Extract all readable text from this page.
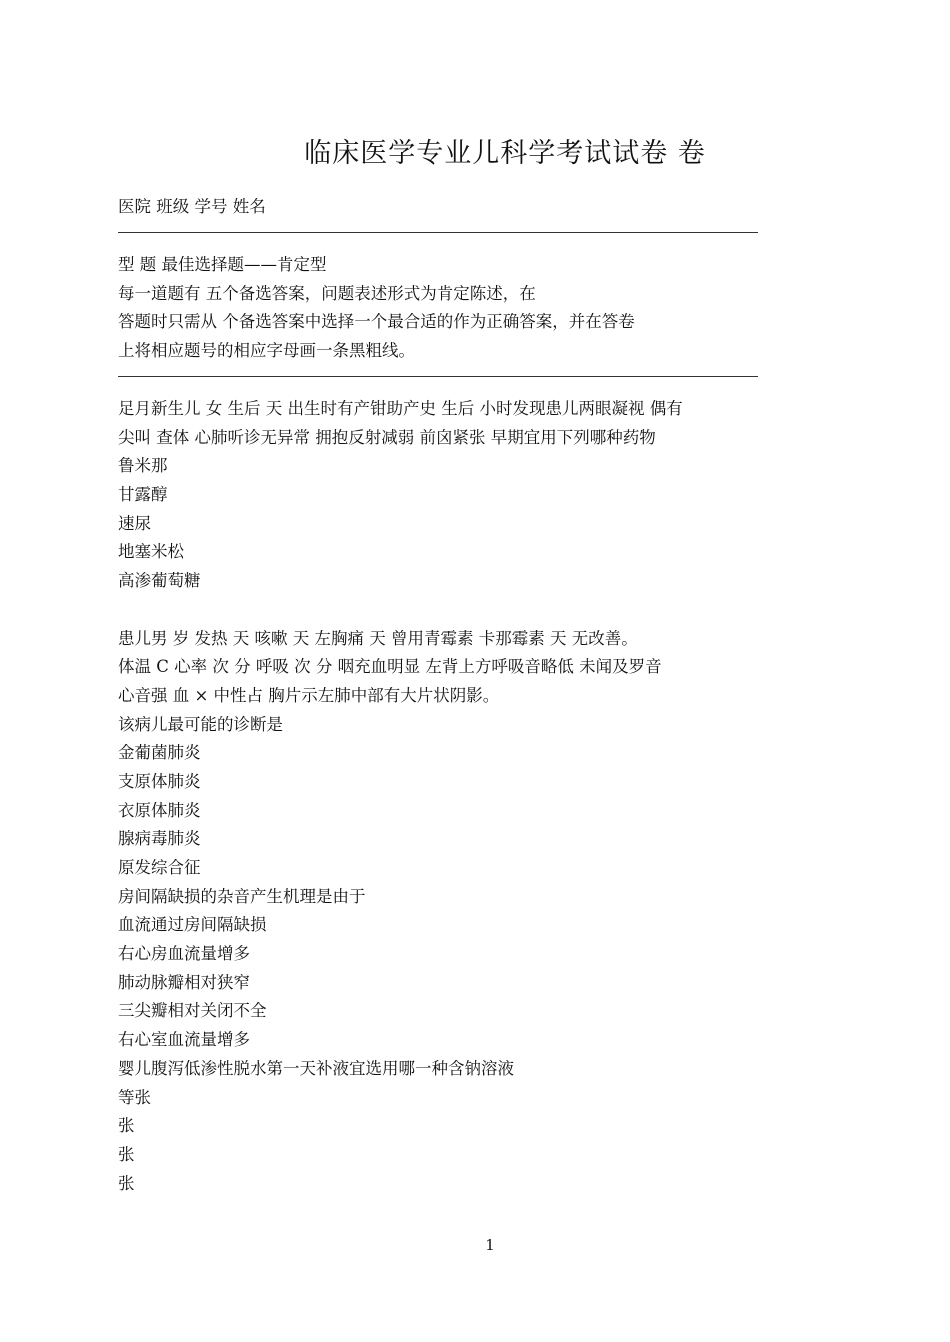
临床医学专业儿科学考试试卷 卷
医院 班级 学号 姓名

型 题 最佳选择题——肯定型

每一道题有 五个备选答案，问题表述形式为肯定陈述，在

答题时只需从 个备选答案中选择一个最合适的作为正确答案，并在答卷

上将相应题号的相应字母画一条黑粗线。

足月新生儿 女 生后 天 出生时有产钳助产史 生后 小时发现患儿两眼凝视 偶有
尖叫 查体 心肺听诊无异常 拥抱反射减弱 前囟紧张 早期宜用下列哪种药物
鲁米那
甘露醇
速尿
地塞米松
高渗葡萄糖
患儿男 岁 发热 天 咳嗽 天 左胸痛 天 曾用青霉素 卡那霉素 天 无改善。
体温 C 心率 次 分 呼吸 次 分 咽充血明显 左背上方呼吸音略低 未闻及罗音
心音强 血 × 中性占 胸片示左肺中部有大片状阴影。
该病儿最可能的诊断是
金葡菌肺炎
支原体肺炎
衣原体肺炎
腺病毒肺炎
原发综合征
房间隔缺损的杂音产生机理是由于
血流通过房间隔缺损
右心房血流量增多
肺动脉瓣相对狭窄
三尖瓣相对关闭不全
右心室血流量增多
婴儿腹泻低渗性脱水第一天补液宜选用哪一种含钠溶液
等张
张
张
张
1
